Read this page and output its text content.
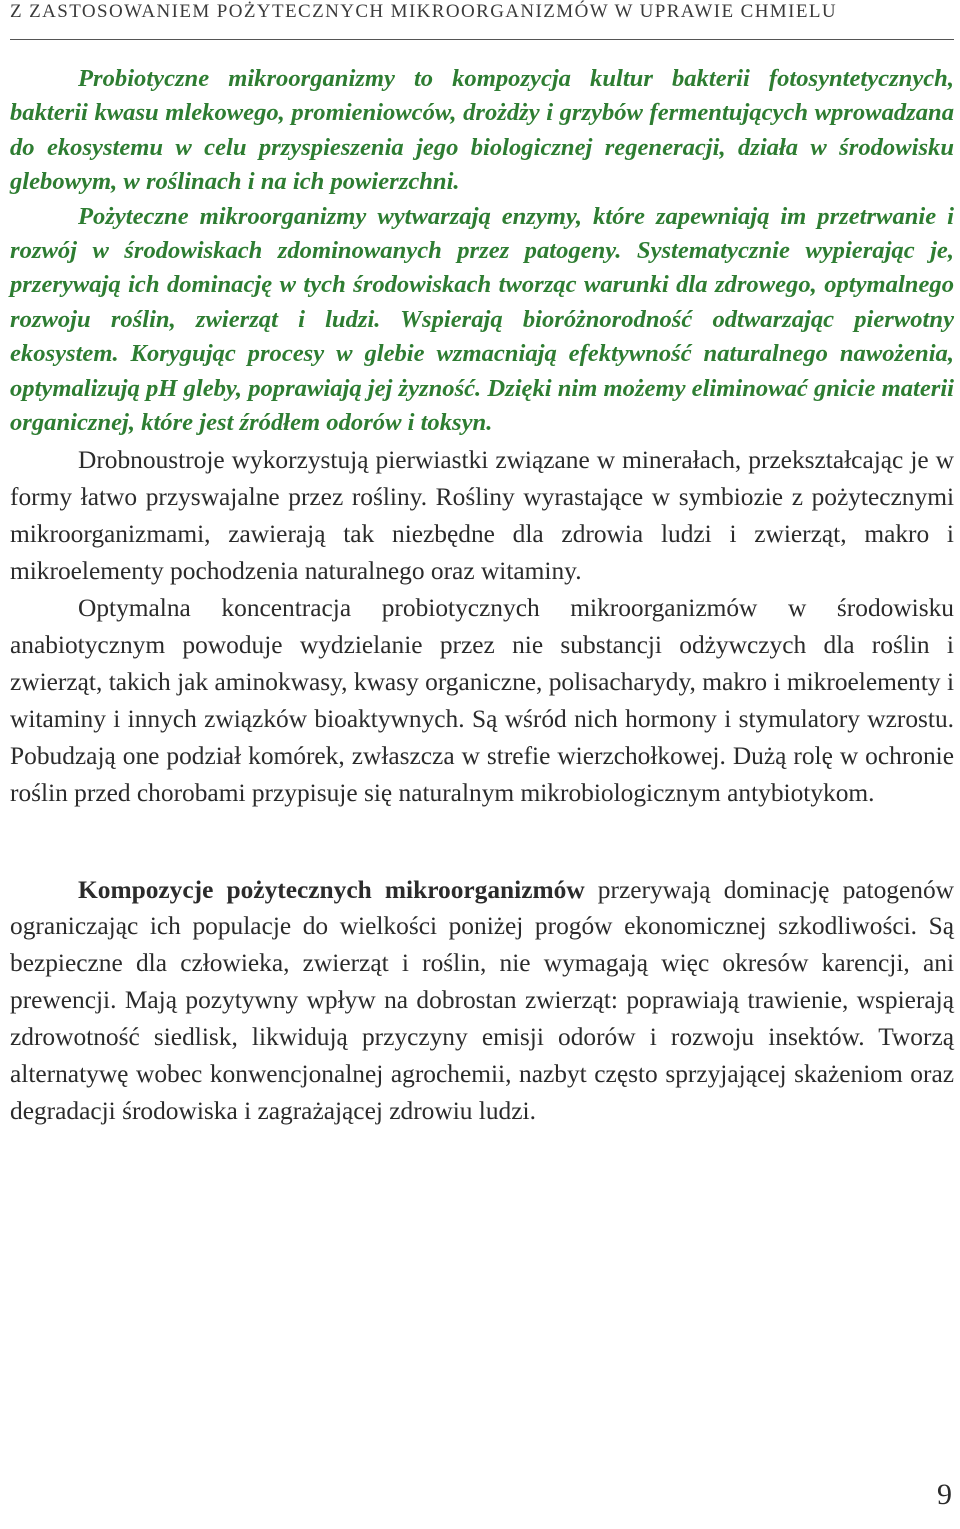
Z ZASTOSOWANIEM POŻYTECZNYCH MIKROORGANIZMÓW W UPRAWIE CHMIELU

Probiotyczne mikroorganizmy to kompozycja kultur bakterii fotosyntetycznych, bakterii kwasu mlekowego, promieniowców, drożdży i grzybów fermentujących wprowadzana do ekosystemu w celu przyspieszenia jego biologicznej regeneracji, działa w środowisku glebowym, w roślinach i na ich powierzchni.

Pożyteczne mikroorganizmy wytwarzają enzymy, które zapewniają im przetrwanie i rozwój w środowiskach zdominowanych przez patogeny. Systematycznie wypierając je, przerywają ich dominację w tych środowiskach tworząc warunki dla zdrowego, optymalnego rozwoju roślin, zwierząt i ludzi. Wspierają bioróżnorodność odtwarzając pierwotny ekosystem. Korygując procesy w glebie wzmacniają efektywność naturalnego nawożenia, optymalizują pH gleby, poprawiają jej żyzność. Dzięki nim możemy eliminować gnicie materii organicznej, które jest źródłem odorów i toksyn.

Drobnoustroje wykorzystują pierwiastki związane w minerałach, przekształcając je w formy łatwo przyswajalne przez rośliny. Rośliny wyrastające w symbiozie z pożytecznymi mikroorganizmami, zawierają tak niezbędne dla zdrowia ludzi i zwierząt, makro i mikroelementy pochodzenia naturalnego oraz witaminy.

Optymalna koncentracja probiotycznych mikroorganizmów w środowisku anabiotycznym powoduje wydzielanie przez nie substancji odżywczych dla roślin i zwierząt, takich jak aminokwasy, kwasy organiczne, polisacharydy, makro i mikroelementy i witaminy i innych związków bioaktywnych. Są wśród nich hormony i stymulatory wzrostu. Pobudzają one podział komórek, zwłaszcza w strefie wierzchołkowej. Dużą rolę w ochronie roślin przed chorobami przypisuje się naturalnym mikrobiologicznym antybiotykom.

Kompozycje pożytecznych mikroorganizmów przerywają dominację patogenów ograniczając ich populacje do wielkości poniżej progów ekonomicznej szkodliwości. Są bezpieczne dla człowieka, zwierząt i roślin, nie wymagają więc okresów karencji, ani prewencji. Mają pozytywny wpływ na dobrostan zwierząt: poprawiają trawienie, wspierają zdrowotność siedlisk, likwidują przyczyny emisji odorów i rozwoju insektów. Tworzą alternatywę wobec konwencjonalnej agrochemii, nazbyt często sprzyjającej skażeniom oraz degradacji środowiska i zagrażającej zdrowiu ludzi.

9
